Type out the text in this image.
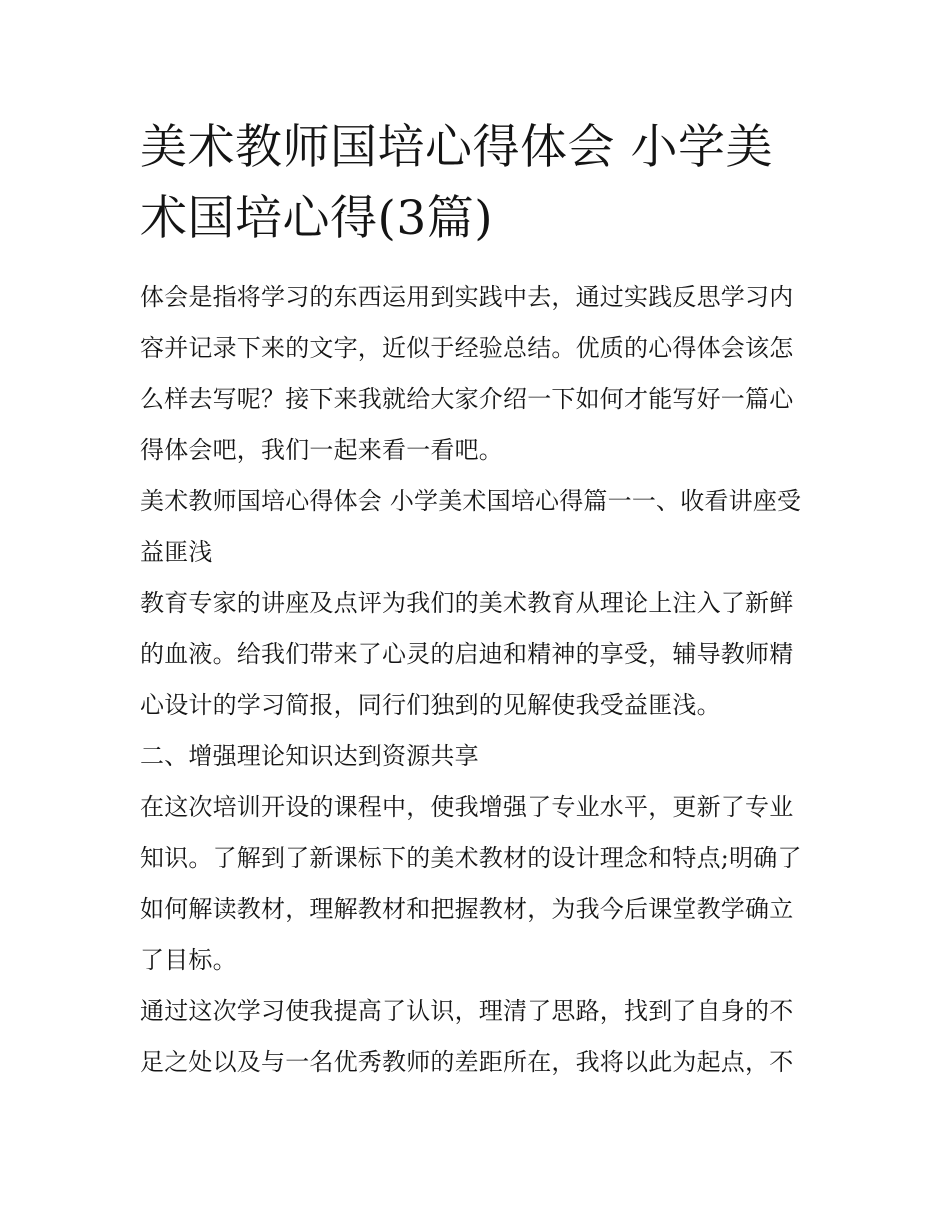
美术教师国培心得体会 小学美术国培心得(3篇)

体会是指将学习的东西运用到实践中去，通过实践反思学习内容并记录下来的文字，近似于经验总结。优质的心得体会该怎么样去写呢？接下来我就给大家介绍一下如何才能写好一篇心得体会吧，我们一起来看一看吧。

美术教师国培心得体会 小学美术国培心得篇一一、收看讲座受益匪浅

教育专家的讲座及点评为我们的美术教育从理论上注入了新鲜的血液。给我们带来了心灵的启迪和精神的享受，辅导教师精心设计的学习简报，同行们独到的见解使我受益匪浅。

二、增强理论知识达到资源共享

在这次培训开设的课程中，使我增强了专业水平，更新了专业知识。了解到了新课标下的美术教材的设计理念和特点;明确了如何解读教材，理解教材和把握教材，为我今后课堂教学确立了目标。

通过这次学习使我提高了认识，理清了思路，找到了自身的不足之处以及与一名优秀教师的差距所在，我将以此为起点，不
